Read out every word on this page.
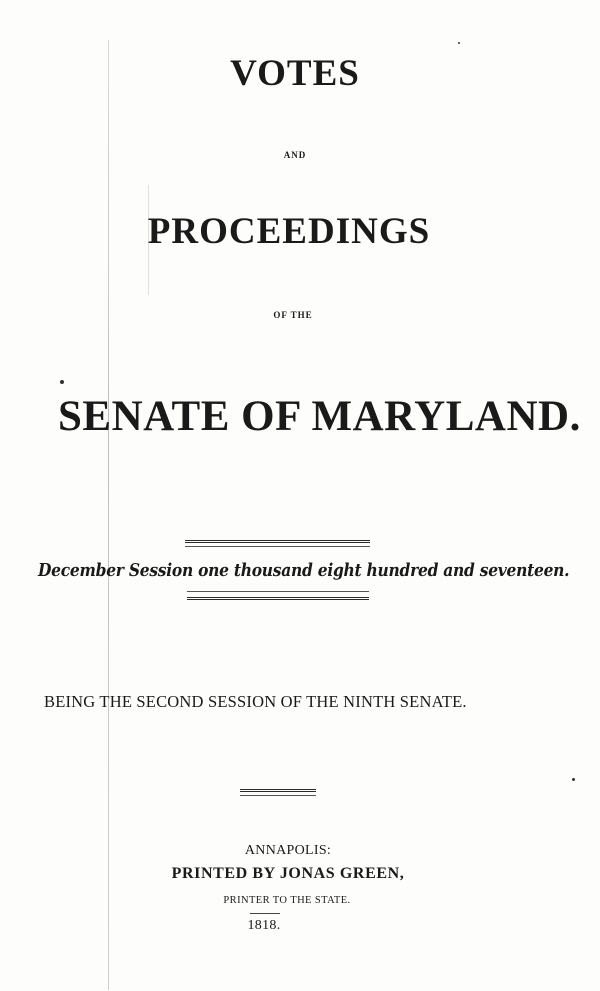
VOTES
AND
PROCEEDINGS
OF THE
SENATE OF MARYLAND.
December Session one thousand eight hundred and seventeen.
BEING THE SECOND SESSION OF THE NINTH SENATE.
ANNAPOLIS:
PRINTED BY JONAS GREEN,
PRINTER TO THE STATE.
1818.
